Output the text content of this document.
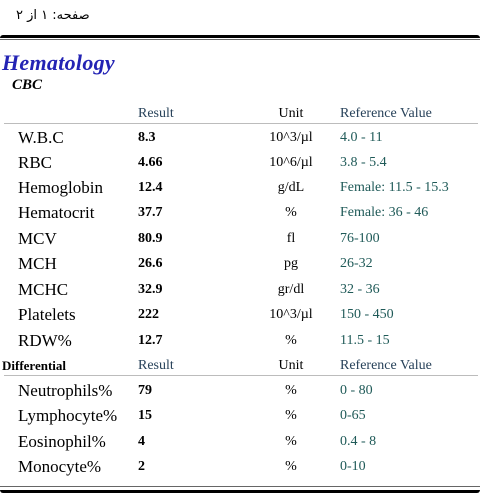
صفحه: ۱ از ۲
Hematology
CBC
Result	Unit	Reference Value
W.B.C	8.3	10^3/µl	4.0 - 11
RBC	4.66	10^6/µl	3.8 - 5.4
Hemoglobin	12.4	g/dL	Female: 11.5 - 15.3
Hematocrit	37.7	%	Female: 36 - 46
MCV	80.9	fl	76-100
MCH	26.6	pg	26-32
MCHC	32.9	gr/dl	32 - 36
Platelets	222	10^3/µl	150 - 450
RDW%	12.7	%	11.5 - 15
Differential	Result	Unit	Reference Value
Neutrophils% 79	%	0 - 80
Lymphocyte% 15	%	0-65
Eosinophil% 4	%	0.4 - 8
Monocyte%	2	%	0-10
